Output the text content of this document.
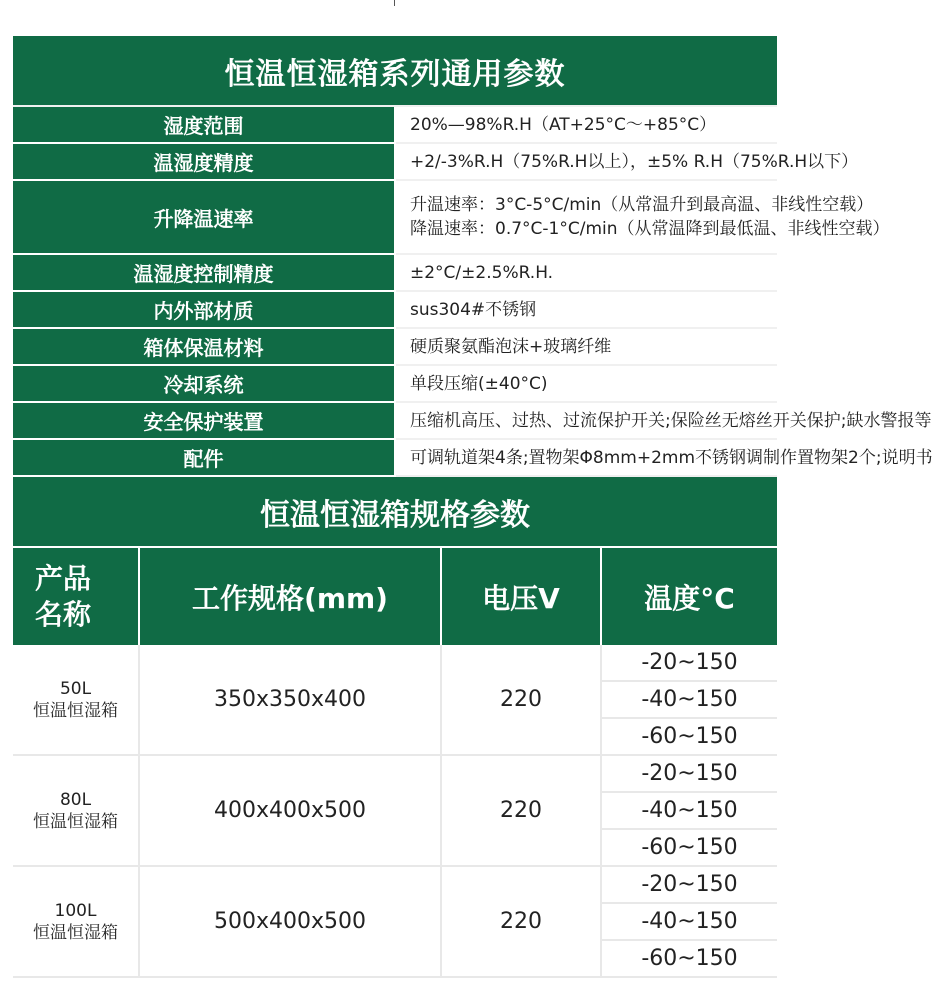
恒温恒湿箱系列通用参数	
湿度范围	20%—98%R.H（AT+25°C～+85°C）

温湿度精度	+2/-3%R.H（75%R.H以上），±5% R.H（75%R.H以下）

升降温速率	升温速率：3°C-5°C/min（从常温升到最高温、非线性空载）
降温速率：0.7°C-1°C/min（从常温降到最低温、非线性空载）

温湿度控制精度	±2°C/±2.5%R.H.

内外部材质	sus304#不锈钢

箱体保温材料	硬质聚氨酯泡沫+玻璃纤维

冷却系统	单段压缩(±40°C)

安全保护装置	压缩机高压、过热、过流保护开关;保险丝无熔丝开关保护;缺水警报等

配件	可调轨道架4条;置物架Φ8mm+2mm不锈钢调制作置物架2个;说明书
恒温恒湿箱规格参数
产品
名称	工作规格(mm)	电压V	温度°C

50L
恒温恒湿箱	350x350x400	220	-20~150
			-40~150
			-60~150

80L
恒温恒湿箱	400x400x500	220	-20~150
			-40~150
			-60~150

100L
恒温恒湿箱	500x400x500	220	-20~150
			-40~150
			-60~150
